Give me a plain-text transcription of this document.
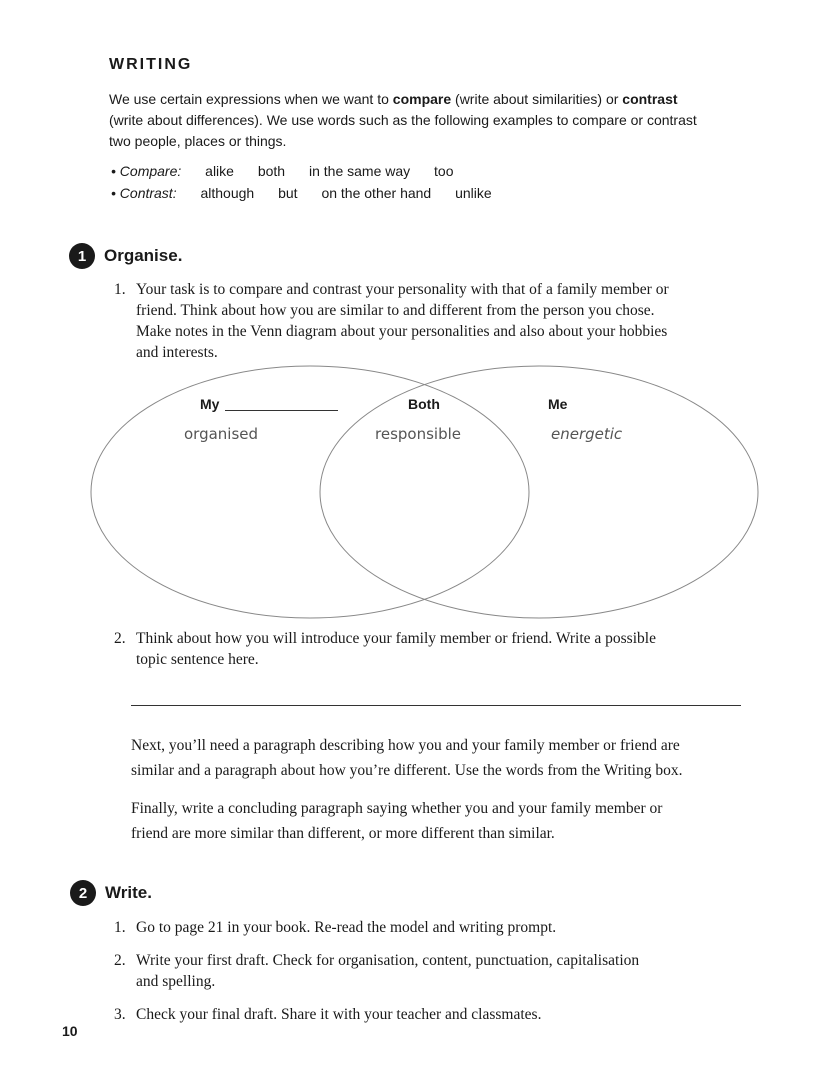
WRITING
We use certain expressions when we want to compare (write about similarities) or contrast (write about differences). We use words such as the following examples to compare or contrast two people, places or things.
• Compare: alike both in the same way too
• Contrast: although but on the other hand unlike
1	Organise.
1. Your task is to compare and contrast your personality with that of a family member or
friend. Think about how you are similar to and different from the person you chose.
Make notes in the Venn diagram about your personalities and also about your hobbies
and interests.
My	Both	Me
organised	responsible	energetic
2. Think about how you will introduce your family member or friend. Write a possible
topic sentence here.
Next, you’ll need a paragraph describing how you and your family member or friend are
similar and a paragraph about how you’re different. Use the words from the Writing box.
Finally, write a concluding paragraph saying whether you and your family member or
friend are more similar than different, or more different than similar.
2	Write.
1. Go to page 21 in your book. Re-read the model and writing prompt.
2. Write your first draft. Check for organisation, content, punctuation, capitalisation
and spelling.
3. Check your final draft. Share it with your teacher and classmates.
10
